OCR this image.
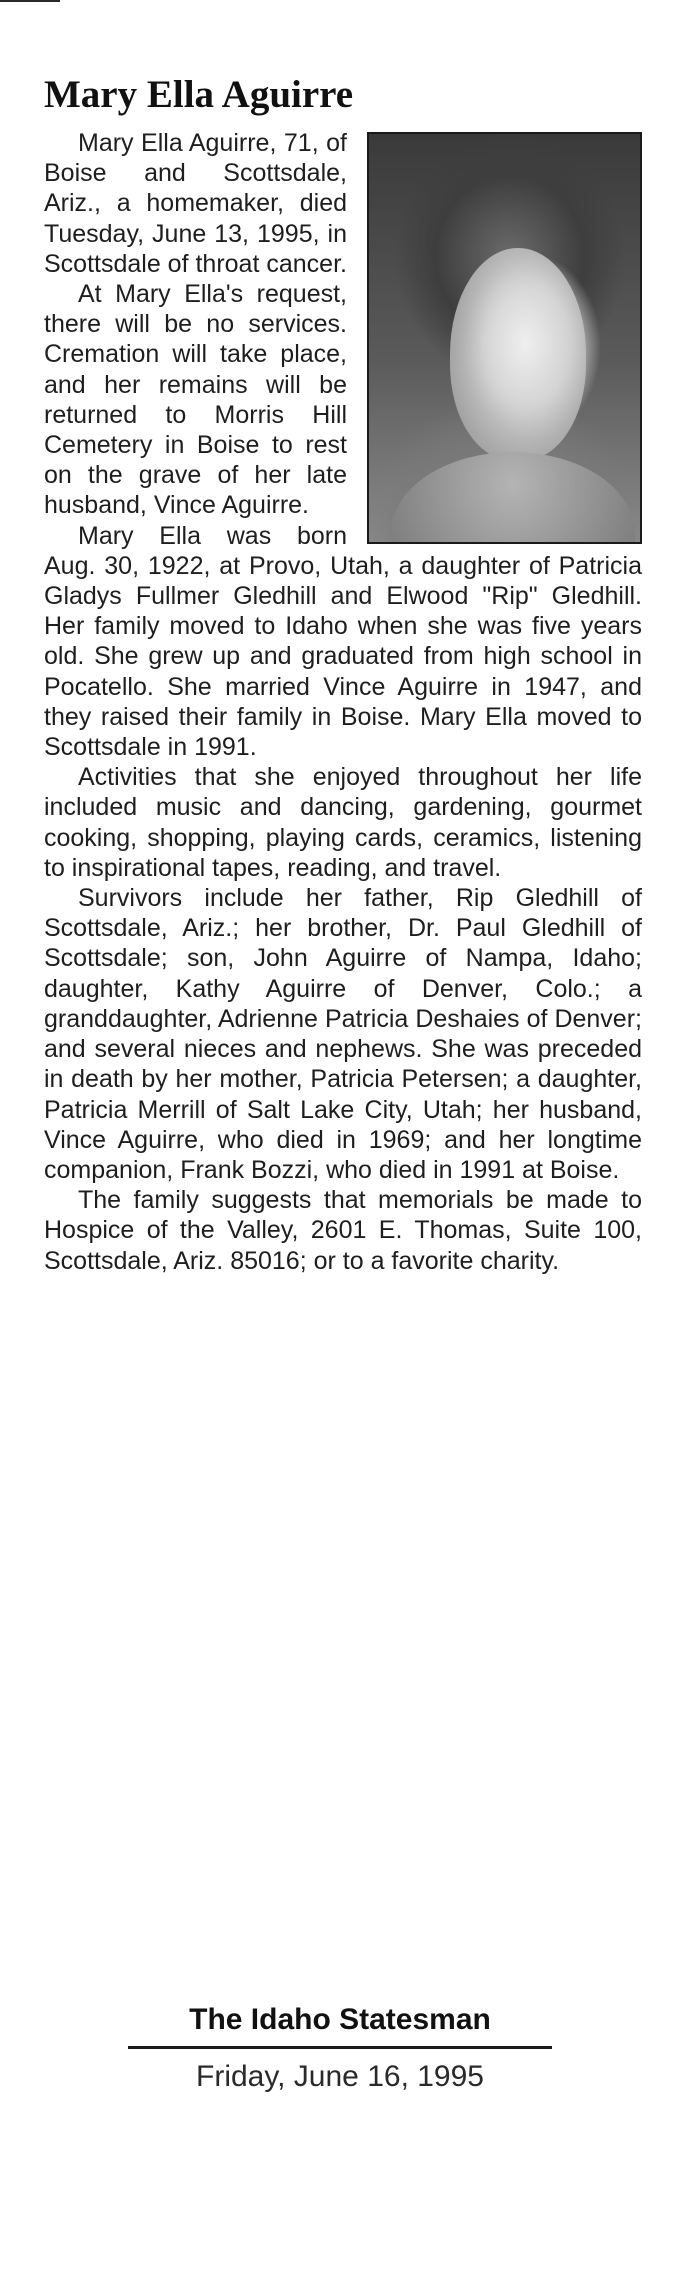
Mary Ella Aguirre

Mary Ella Aguirre, 71, of Boise and Scottsdale, Ariz., a homemaker, died Tuesday, June 13, 1995, in Scottsdale of throat cancer.

At Mary Ella's request, there will be no services. Cremation will take place, and her remains will be returned to Morris Hill Cemetery in Boise to rest on the grave of her late husband, Vince Aguirre.

Mary Ella was born Aug. 30, 1922, at Provo, Utah, a daughter of Patricia Gladys Fullmer Gledhill and Elwood "Rip" Gledhill. Her family moved to Idaho when she was five years old. She grew up and graduated from high school in Pocatello. She married Vince Aguirre in 1947, and they raised their family in Boise. Mary Ella moved to Scottsdale in 1991.

Activities that she enjoyed throughout her life included music and dancing, gardening, gourmet cooking, shopping, playing cards, ceramics, listening to inspirational tapes, reading, and travel.

Survivors include her father, Rip Gledhill of Scottsdale, Ariz.; her brother, Dr. Paul Gledhill of Scottsdale; son, John Aguirre of Nampa, Idaho; daughter, Kathy Aguirre of Denver, Colo.; a granddaughter, Adrienne Patricia Deshaies of Denver; and several nieces and nephews. She was preceded in death by her mother, Patricia Petersen; a daughter, Patricia Merrill of Salt Lake City, Utah; her husband, Vince Aguirre, who died in 1969; and her longtime companion, Frank Bozzi, who died in 1991 at Boise.

The family suggests that memorials be made to Hospice of the Valley, 2601 E. Thomas, Suite 100, Scottsdale, Ariz. 85016; or to a favorite charity.

The Idaho Statesman
Friday, June 16, 1995
